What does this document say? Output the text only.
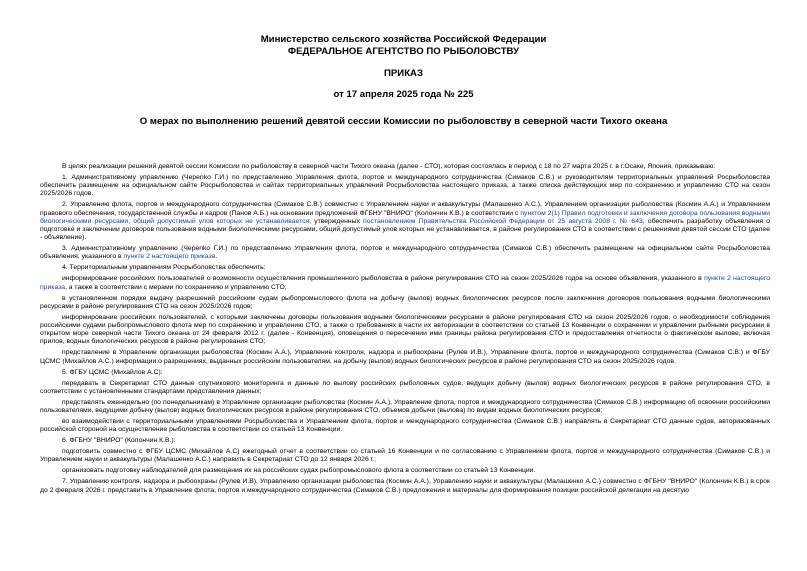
Министерство сельского хозяйства Российской Федерации
ФЕДЕРАЛЬНОЕ АГЕНТСТВО ПО РЫБОЛОВСТВУ
ПРИКАЗ
от 17 апреля 2025 года № 225
О мерах по выполнению решений девятой сессии Комиссии по рыболовству в северной части Тихого океана

В целях реализации решений девятой сессии Комиссии по рыболовству в северной части Тихого океана (далее - СТО), которая состоялась в период с 18 по 27 марта 2025 г. в г.Осаке, Япония, приказываю:

1. Административному управлению (Череnko Г.И.) по представлению Управления флота, портов и международного сотрудничества (Симаков С.В.) и руководителям территориальных управлений Росрыболовства обеспечить размещение на официальном сайте Росрыболовства и сайтах территориальных управлений Росрыболовства настоящего приказа, а также списка действующих мер по сохранению и управлению СТО на сезон 2025/2026 годов.

2. Управлению флота, портов и международного сотрудничества (Симаков С.В.) совместно с Управлением науки и аквакультуры (Малашенко А.С.), Управлением организации рыболовства (Космин А.А.) и Управлением правового обеспечения, государственной службы и кадров (Панов А.Б.) на основании предложений ФГБНУ "ВНИРО" (Колончин К.В.) в соответствии с пунктом 2(1) Правил подготовки и заключения договора пользования водными биологическими ресурсами, общий допустимый улов которых не устанавливается, утвержденных постановлением Правительства Российской Федерации от 25 августа 2008 г. № 643, обеспечить разработку объявления о подготовке и заключении договоров пользования водными биологическими ресурсами, общий допустимый улов которых не устанавливается, в районе регулирования СТО в соответствии с решениями девятой сессии СТО (далее - объявление).

3. Административному управлению (Череnko Г.И.) по представлению Управления флота, портов и международного сотрудничества (Симаков С.В.) обеспечить размещение на официальном сайте Росрыболовства объявления, указанного в пункте 2 настоящего приказа.

4. Территориальным управлениям Росрыболовства обеспечить:

информирование российских пользователей о возможности осуществления промышленного рыболовства в районе регулирования СТО на сезон 2025/2026 годов на основе объявления, указанного в пункте 2 настоящего приказа, а также в соответствии с мерами по сохранению и управлению СТО;

в установленном порядке выдачу разрешений российским судам рыбопромыслового флота на добычу (вылов) водных биологических ресурсов после заключения договоров пользования водными биологическими ресурсами в районе регулирования СТО на сезон 2025/2026 годов;

информирование российских пользователей, с которыми заключены договоры пользования водными биологическими ресурсами в районе регулирования СТО на сезон 2025/2026 годов, о необходимости соблюдения российскими судами рыбопромыслового флота мер по сохранению и управлению СТО, а также о требованиях в части их авторизации в соответствии со статьей 13 Конвенции о сохранении и управлении рыбными ресурсами в открытом море северной части Тихого океана от 24 февраля 2012 г. (далее - Конвенция), оповещения о пересечении ими границы района регулирования СТО и предоставления отчетности о фактическом вылове, включая прилов, водных биологических ресурсов в районе регулирования СТО;

представление в Управление организации рыболовства (Космин А.А.), Управление контроля, надзора и рыбоохраны (Рулев И.В.), Управление флота, портов и международного сотрудничества (Симаков С.В.) и ФГБУ ЦСМС (Михайлов А.С.) информации о разрешениях, выданных российским пользователям, на добычу (вылов) водных биологических ресурсов в районе регулирования СТО на сезон 2025/2026 годов.

5. ФГБУ ЦСМС (Михайлов А.С):

передавать в Секретариат СТО данные спутникового мониторинга и данные по вылову российских рыболовных судов, ведущих добычу (вылов) водных биологических ресурсов в районе регулирования СТО, в соответствии с установленными стандартами представления данных;

представлять еженедельно (по понедельникам) в Управление организации рыболовства (Космин А.А.), Управление флота, портов и международного сотрудничества (Симаков С.В.) информацию об освоении российскими пользователями, ведущими добычу (вылов) водных биологических ресурсов в районе регулирования СТО, объемов добычи (вылова) по видам водных биологических ресурсов;

во взаимодействии с территориальными управлениями Росрыболовства и Управлением флота, портов и международного сотрудничества (Симаков С.В.) направлять в Секретариат СТО данные судов, авторизованных российской стороной на осуществление рыболовства в соответствии со статьей 13 Конвенции.

6. ФГБНУ "ВНИРО" (Колончин К.В.):

подготовить совместно с ФГБУ ЦСМС (Михайлов А.С) ежегодный отчет в соответствии со статьей 16 Конвенции и по согласованию с Управлением флота, портов и международного сотрудничества (Симаков С.В.) и Управлением науки и аквакультуры (Малашенко А.С.) направить в Секретариат СТО до 12 января 2026 г.;

организовать подготовку наблюдателей для размещения их на российских судах рыбопромыслового флота в соответствии со статьей 13 Конвенции.

7. Управлению контроля, надзора и рыбоохраны (Рулев И.В), Управлению организации рыболовства (Космин А.А.), Управлению науки и аквакультуры (Малашенко А.С.) совместно с ФГБНУ "ВНИРО" (Колончин К.В.) в срок до 2 февраля 2026 г. представить в Управление флота, портов и международного сотрудничества (Симаков С.В.) предложения и материалы для формирования позиции российской делегации на десятую
